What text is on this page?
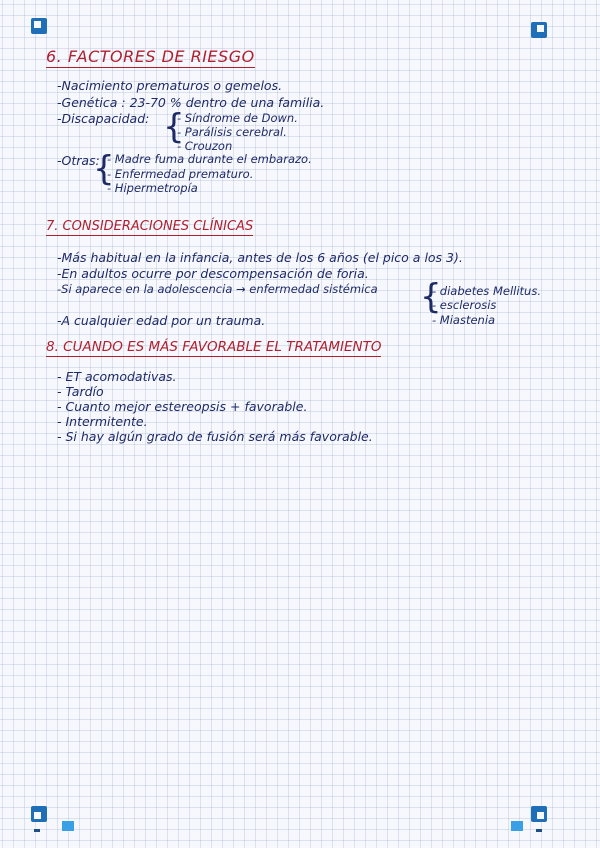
6. FACTORES DE RIESGO
-Nacimiento prematuros o gemelos.
-Genética : 23-70 % dentro de una familia.
-Discapacidad: {
- Síndrome de Down.
- Parálisis cerebral.
- Crouzon
-Otras:
{
- Madre fuma durante el embarazo.
- Enfermedad prematuro.
- Hipermetropía
7. CONSIDERACIONES CLÍNICAS
-Más habitual en la infancia, antes de los 6 años (el pico a los 3).
-En adultos ocurre por descompensación de foria.
-Si aparece en la adolescencia → enfermedad sistémica {
- diabetes Mellitus.
- esclerosis
- Miastenia
-A cualquier edad por un trauma.
8. CUANDO ES MÁS FAVORABLE EL TRATAMIENTO
- ET acomodativas.
- Tardío
- Cuanto mejor estereopsis + favorable.
- Intermitente.
- Si hay algún grado de fusión será más favorable.
